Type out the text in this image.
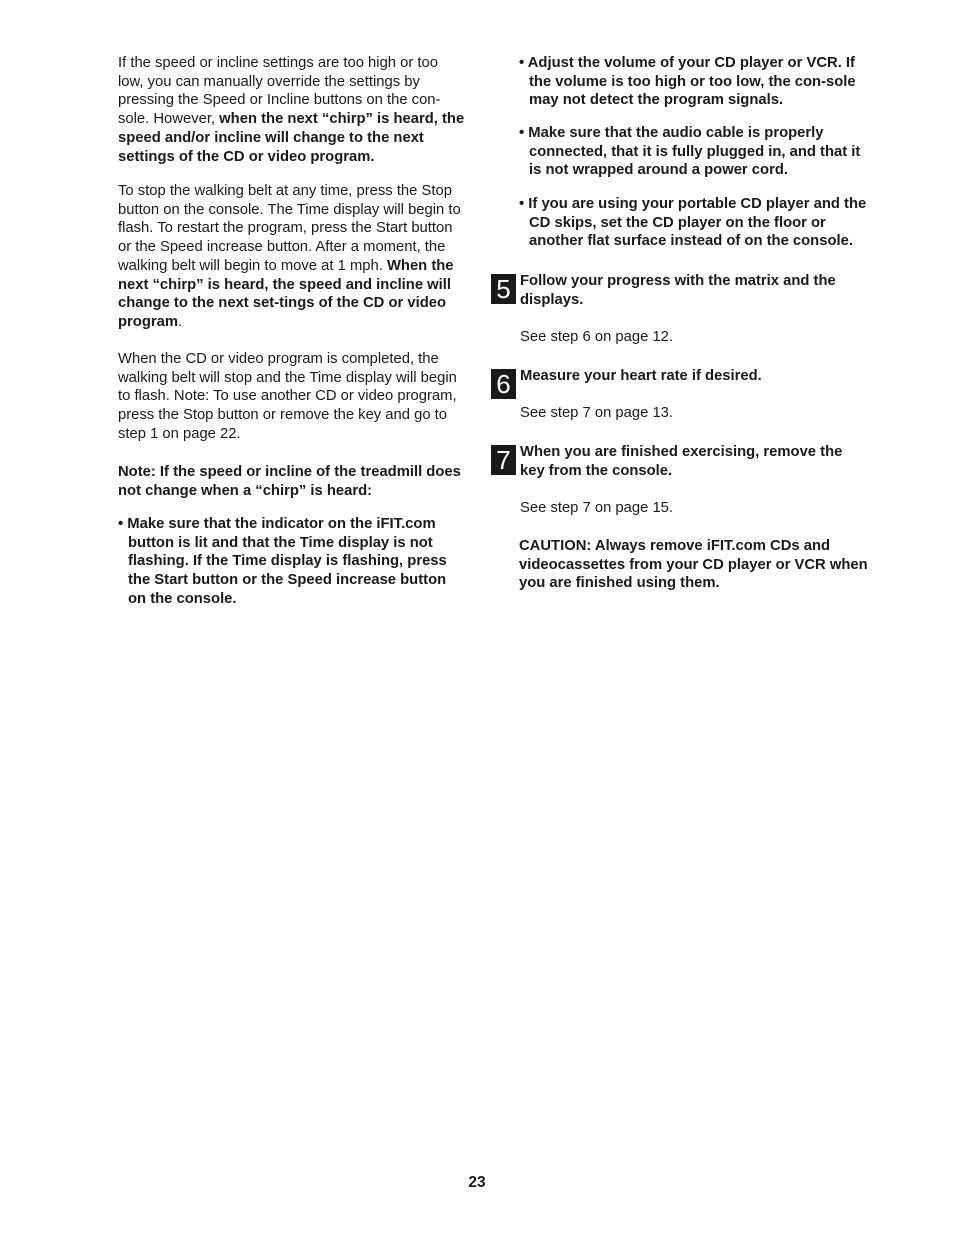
If the speed or incline settings are too high or too low, you can manually override the settings by pressing the Speed or Incline buttons on the con-sole. However, when the next “chirp” is heard, the speed and/or incline will change to the next settings of the CD or video program.

To stop the walking belt at any time, press the Stop button on the console. The Time display will begin to flash. To restart the program, press the Start button or the Speed increase button. After a moment, the walking belt will begin to move at 1 mph. When the next “chirp” is heard, the speed and incline will change to the next set-tings of the CD or video program.

When the CD or video program is completed, the walking belt will stop and the Time display will begin to flash. Note: To use another CD or video program, press the Stop button or remove the key and go to step 1 on page 22.

Note: If the speed or incline of the treadmill does not change when a “chirp” is heard:

• Make sure that the indicator on the iFIT.com button is lit and that the Time display is not flashing. If the Time display is flashing, press the Start button or the Speed increase button on the console.

• Adjust the volume of your CD player or VCR. If the volume is too high or too low, the con-sole may not detect the program signals.

• Make sure that the audio cable is properly connected, that it is fully plugged in, and that it is not wrapped around a power cord.

• If you are using your portable CD player and the CD skips, set the CD player on the floor or another flat surface instead of on the console.

5 Follow your progress with the matrix and the displays.

See step 6 on page 12.

6 Measure your heart rate if desired.

See step 7 on page 13.

7 When you are finished exercising, remove the key from the console.

See step 7 on page 15.

CAUTION: Always remove iFIT.com CDs and videocassettes from your CD player or VCR when you are finished using them.

23
